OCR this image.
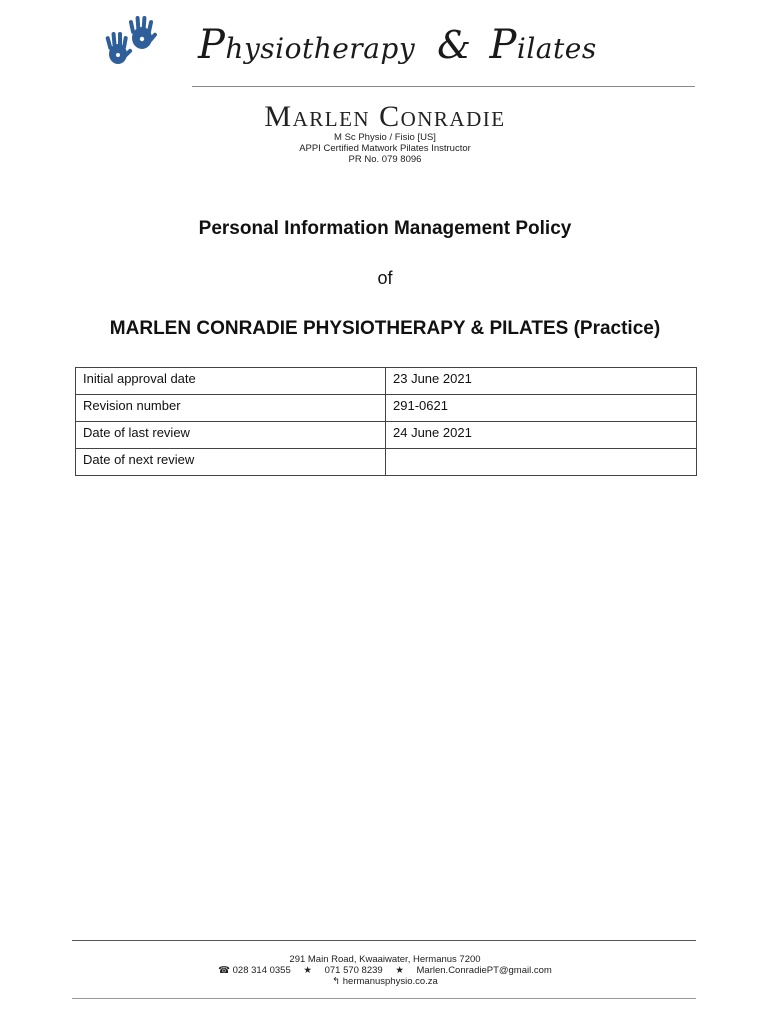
Physiotherapy & Pilates
Marlen Conradie
M Sc Physio / Fisio [US]
APPI Certified Matwork Pilates Instructor
PR No. 079 8096
Personal Information Management Policy
of
MARLEN CONRADIE PHYSIOTHERAPY & PILATES (Practice)
Initial approval date	23 June 2021
Revision number	291-0621
Date of last review	24 June 2021
Date of next review	
291 Main Road, Kwaaiwater, Hermanus 7200
☎ 028 314 0355 ★ 071 570 8239 ★ Marlen.ConradiePT@gmail.com
↰ hermanusphysio.co.za
